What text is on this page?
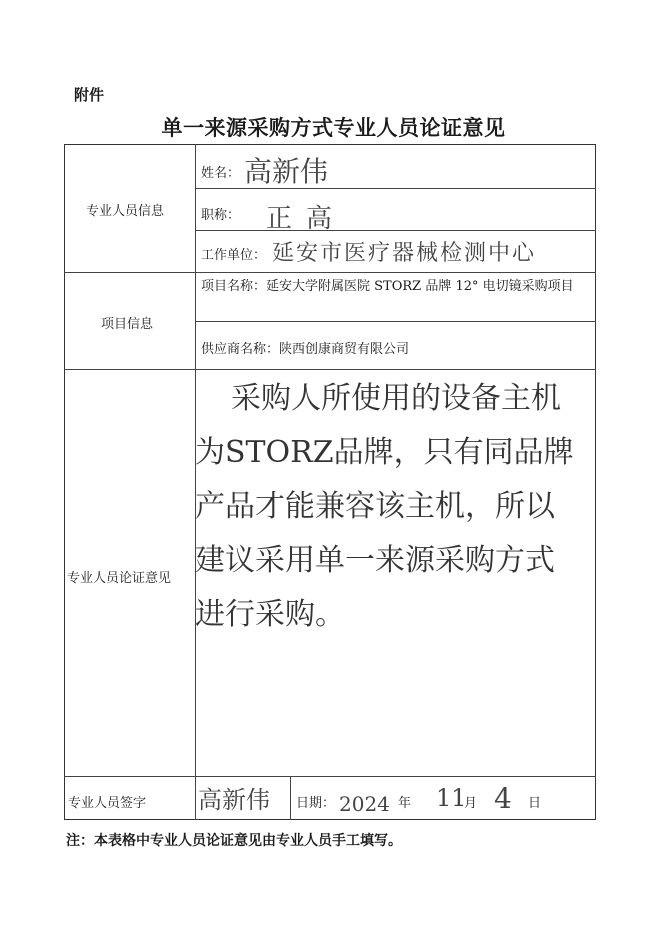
附件
单一来源采购方式专业人员论证意见
专业人员信息
姓名： 高新伟
职称： 正高
工作单位： 延安市医疗器械检测中心
项目信息
项目名称：延安大学附属医院 STORZ 品牌 12° 电切镜采购项目
供应商名称：陕西创康商贸有限公司
专业人员论证意见
采购人所使用的设备主机
为STORZ品牌，只有同品牌
产品才能兼容该主机，所以
建议采用单一来源采购方式
进行采购。
专业人员签字 高新伟 日期： 2024 年 11
月 4 日
注：本表格中专业人员论证意见由专业人员手工填写。
